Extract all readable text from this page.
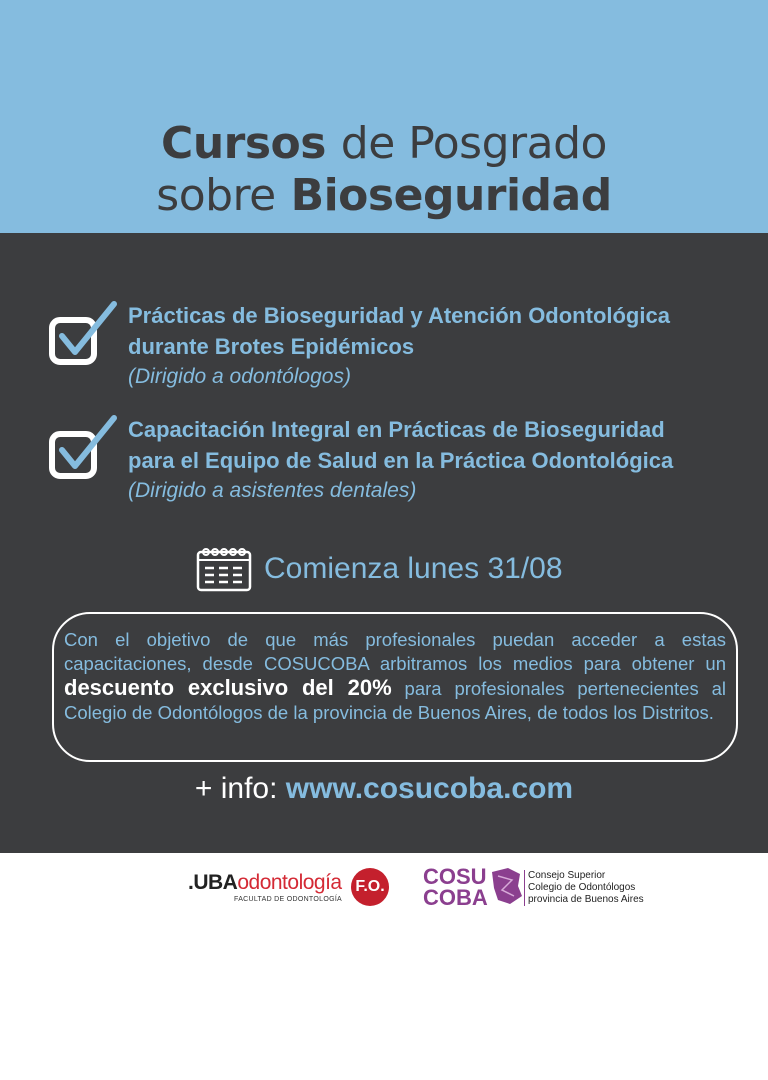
Cursos de Posgrado
sobre Bioseguridad
Prácticas de Bioseguridad y Atención Odontológica
durante Brotes Epidémicos
(Dirigido a odontólogos)
Capacitación Integral en Prácticas de Bioseguridad
para el Equipo de Salud en la Práctica Odontológica
(Dirigido a asistentes dentales)
Comienza lunes 31/08
Con el objetivo de que más profesionales puedan acceder a estas capacitaciones, desde COSUCOBA arbitramos los medios para obtener un descuento exclusivo del 20% para profesionales pertenecientes al Colegio de Odontólogos de la provincia de Buenos Aires, de todos los Distritos.
+ info: www.cosucoba.com
.UBAodontología
FACULTAD DE ODONTOLOGÍA
F.O. COSU
COBA
Consejo Superior
Colegio de Odontólogos
provincia de Buenos Aires
